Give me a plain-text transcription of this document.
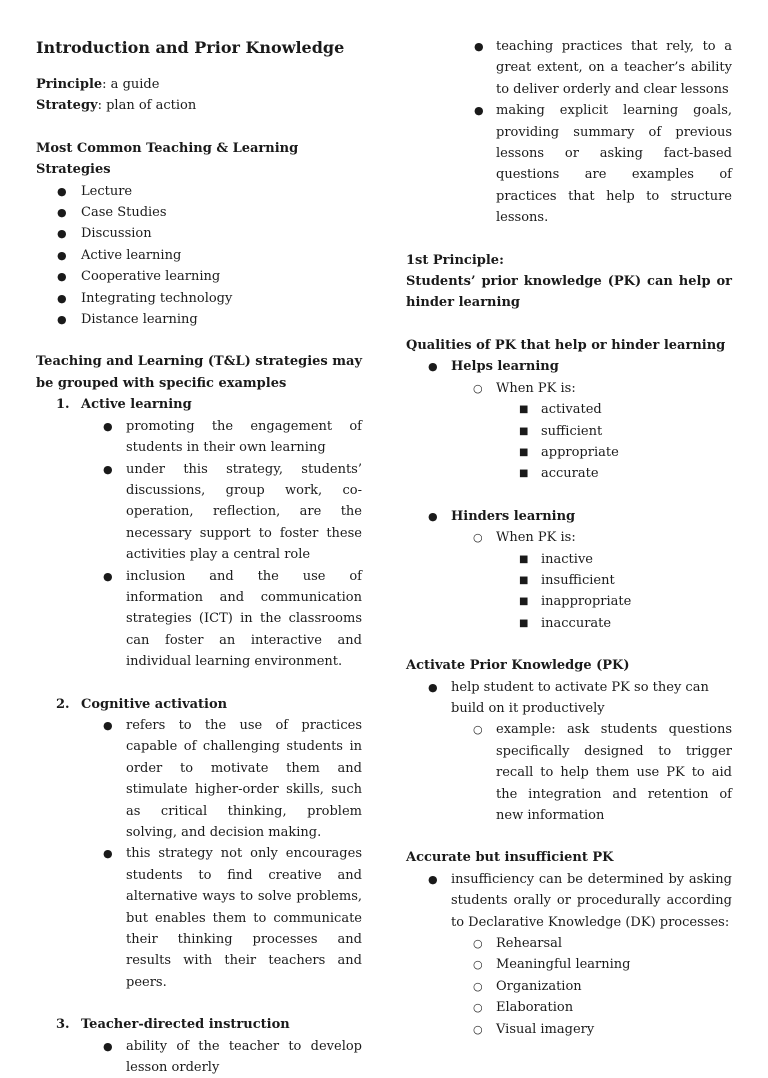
Introduction and Prior Knowledge

Principle: a guide

Strategy: plan of action

Most Common Teaching & Learning Strategies

● Lecture

● Case Studies

● Discussion

● Active learning

● Cooperative learning

● Integrating technology

● Distance learning

Teaching and Learning (T&L) strategies may be grouped with specific examples

1. Active learning

● promoting the engagement of students in their own learning

● under this strategy, students’ discussions, group work, co-operation, reflection, are the necessary support to foster these activities play a central role

● inclusion and the use of information and communication strategies (ICT) in the classrooms can foster an interactive and individual learning environment.

2. Cognitive activation

● refers to the use of practices capable of challenging students in order to motivate them and stimulate higher-order skills, such as critical thinking, problem solving, and decision making.

● this strategy not only encourages students to find creative and alternative ways to solve problems, but enables them to communicate their thinking processes and results with their teachers and peers.

3. Teacher-directed instruction

● ability of the teacher to develop lesson orderly

● teaching practices that rely, to a great extent, on a teacher’s ability to deliver orderly and clear lessons

● making explicit learning goals, providing summary of previous lessons or asking fact-based questions are examples of practices that help to structure lessons.

1st Principle:

Students’ prior knowledge (PK) can help or hinder learning

Qualities of PK that help or hinder learning

● Helps learning

○ When PK is:

■ activated

■ sufficient

■ appropriate

■ accurate

● Hinders learning

○ When PK is:

■ inactive

■ insufficient

■ inappropriate

■ inaccurate

Activate Prior Knowledge (PK)

● help student to activate PK so they can build on it productively

○ example: ask students questions specifically designed to trigger recall to help them use PK to aid the integration and retention of new information

Accurate but insufficient PK

● insufficiency can be determined by asking students orally or procedurally according to Declarative Knowledge (DK) processes:

○ Rehearsal

○ Meaningful learning

○ Organization

○ Elaboration

○ Visual imagery
